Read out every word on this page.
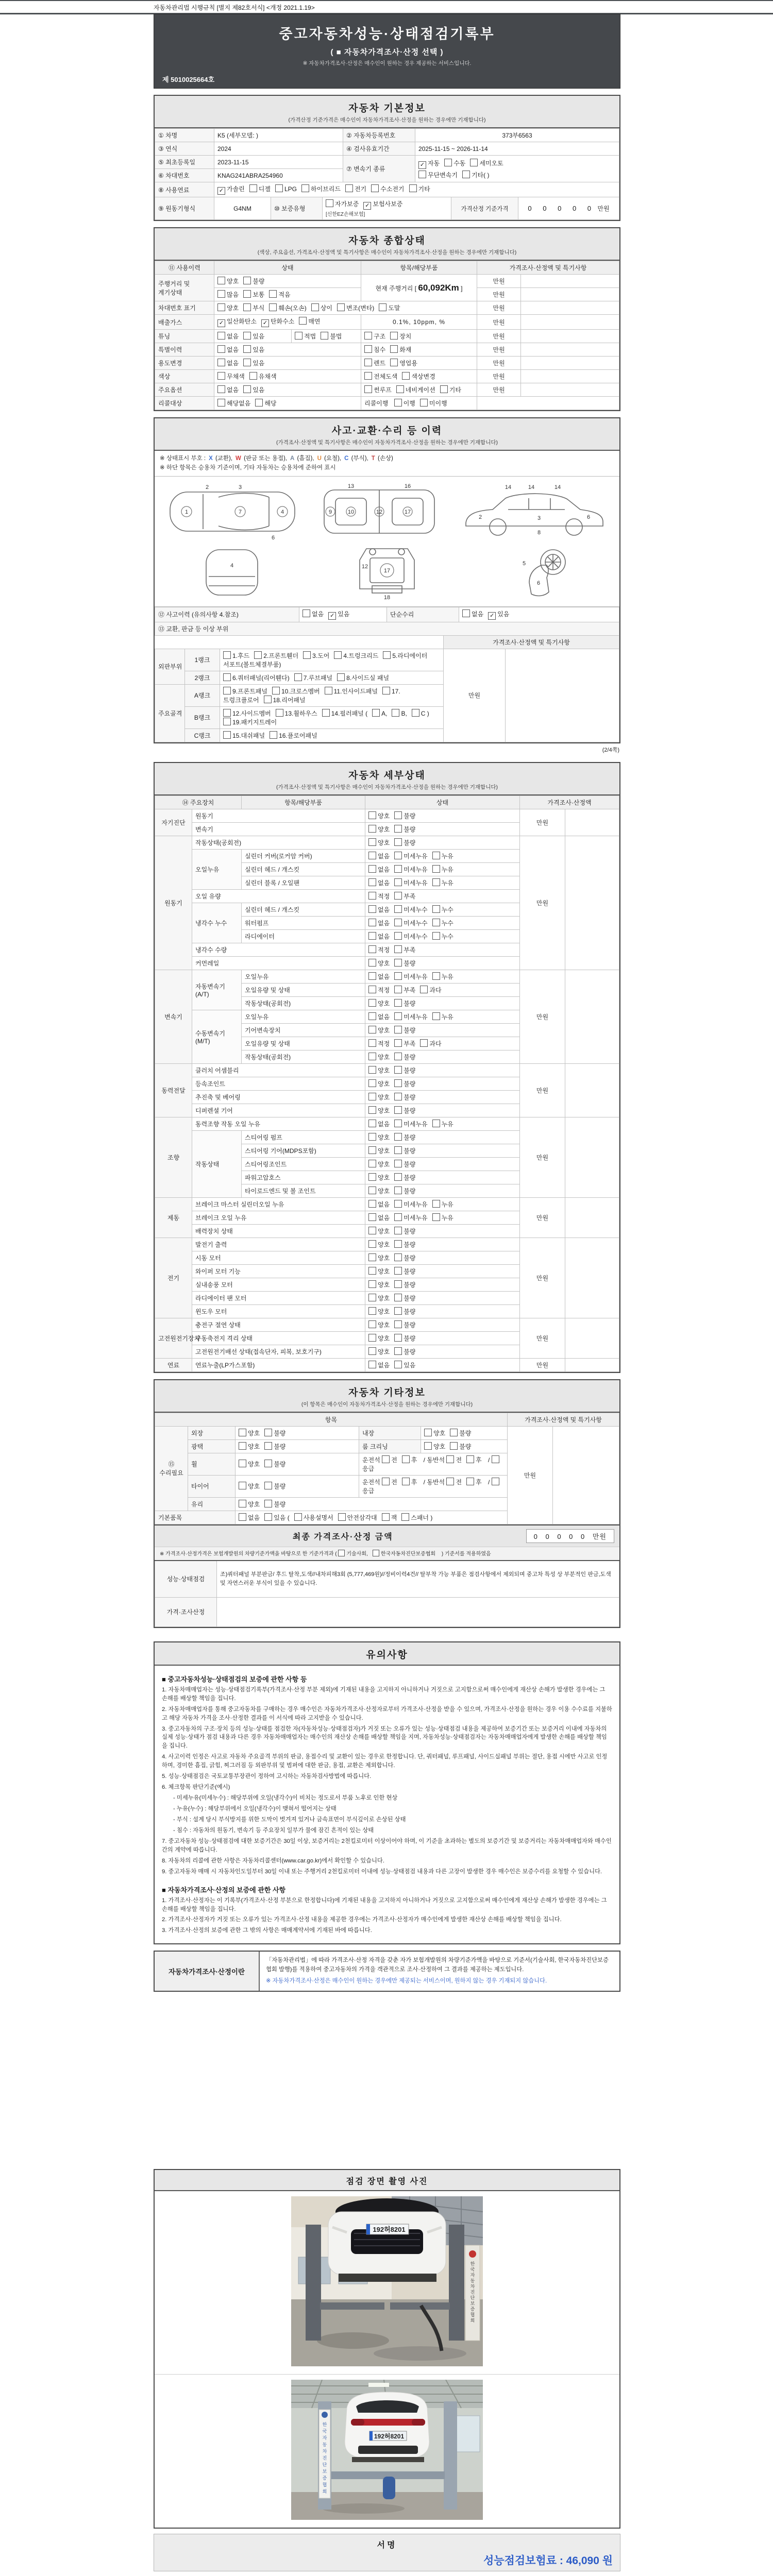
자동차관리법 시행규칙 [별지 제82호서식] <개정 2021.1.19>
중고자동차성능·상태점검기록부
( ■ 자동차가격조사·산정 선택 )
※ 자동차가격조사·산정은 매수인이 원하는 경우 제공하는 서비스입니다.
제 5010025664호
자동차 기본정보
(가격산정 기준가격은 매수인이 자동차가격조사·산정을 원하는 경우에만 기재합니다)
① 차명	K5 (세부모델: )	② 자동차등록번호	373부6563
③ 연식	2024	④ 검사유효기간	2025-11-15 ~ 2026-11-14
⑤ 최초등록일	2023-11-15	⑦ 변속기 종류	✓ 자동 수동 세미오토
무단변속기 기타( )

⑥ 차대번호	KNAG241ABRA254960		
⑧ 사용연료	✓ 가솔린 디젤 LPG 하이브리드 전기 수소전기 기타
⑨ 원동기형식	G4NM	⑩ 보증유형	자가보증 ✓ 보험사보증 [신한EZ손해보험]	가격산정 기준가격	0 0 0 0 0 만원
자동차 종합상태
(색상, 주요옵션, 가격조사·산정액 및 특기사항은 매수인이 자동차가격조사·산정을 원하는 경우에만 기재합니다)
⑪ 사용이력	상태		항목/해당부품	가격조사·산정액 및 특기사항	
주행거리 및 계기상태	양호 불량		현재 주행거리 [ 60,092Km ]	만원	
	많음 보통 적음			만원	
차대번호 표기	양호 부식 훼손(오손) 상이 변조(변타) 도말			만원	
배출가스	✓ 일산화탄소 ✓ 탄화수소 매연		0.1%, 10ppm, %	만원	
튜닝	없음 있음	적법 불법	구조 장치	만원	
특별이력	없음 있음		침수 화재	만원	
용도변경	없음 있음		렌트 영업용	만원	
색상	무채색 유채색		전체도색 색상변경	만원	
주요옵션	없음 있음		썬루프 네비게이션 기타	만원	
리콜대상	해당없음 해당		리콜이행 이행 미이행		
사고·교환·수리 등 이력
(가격조사·산정액 및 특기사항은 매수인이 자동차가격조사·산정을 원하는 경우에만 기재합니다)
※ 상태표시 부호 : X (교환), W (판금 또는 용접), A (흠집), U (요철), C (부식), T (손상)
※ 하단 항목은 승용차 기준이며, 기타 자동차는 승용차에 준하여 표시
1	7	4
2	3
6
9	10	12
13	16
17
14	14	14
2	3	6
8
4
17
12
18
5
6
⑫ 사고이력 (유의사항 4.참조)	없음 ✓ 있음	단순수리	없음 ✓ 있음
⑬ 교환, 판금 등 이상 부위
			가격조사·산정액 및 특기사항	
외판부위	1랭크	1.후드 2.프론트휀더 3.도어 4.트렁크리드 5.라디에이터 서포트(볼트체결부품)	만원	
	2랭크	6.쿼터패널(리어휀다) 7.루브패널 8.사이드실 패널		
주요골격	A랭크	9.프론트패널 10.크로스멤버 11.인사이드패널 17.트렁크플로어 18.리어패널		
	B랭크	12.사이드멤버 13.휠하우스 14.필러패널 ( A, B, C )19.패키지트레이		
	C랭크	15.대쉬패널 16.플로어패널		
(2/4쪽)
자동차 세부상태
(가격조사·산정액 및 특기사항은 매수인이 자동차가격조사·산정을 원하는 경우에만 기재합니다)
⑭ 주요장치		항목/해당부품	상태	가격조사·산정액	
자기진단	원동기		양호 불량	만원	
	변속기		양호 불량		
원동기	작동상태(공회전)		양호 불량	만원	
	오일누유	실린더 커버(로커암 커버)	없음 미세누유 누유		
		실린더 헤드 / 개스킷	없음 미세누유 누유		
		실린더 블록 / 오일팬	없음 미세누유 누유		
	오일 유량		적정 부족		
	냉각수 누수	실린더 헤드 / 개스킷	없음 미세누수 누수		
		워터펌프	없음 미세누수 누수		
		라디에이터	없음 미세누수 누수		
	냉각수 수량		적정 부족		
	커먼레일		양호 불량		
변속기	자동변속기 (A/T)	오일누유	없음 미세누유 누유	만원	
		오일유량 및 상태	적정 부족 과다		
		작동상태(공회전)	양호 불량		
	수동변속기 (M/T)	오일누유	없음 미세누유 누유		
		기어변속장치	양호 불량		
		오일유량 및 상태	적정 부족 과다		
		작동상태(공회전)	양호 불량		
동력전달	클러치 어셈블리		양호 불량	만원	
	등속조인트		양호 불량		
	추진축 및 베어링		양호 불량		
	디퍼렌셜 기어		양호 불량		
조향	동력조향 작동 오일 누유		없음 미세누유 누유	만원	
	작동상태	스티어링 펌프	양호 불량		
		스티어링 기어(MDPS포함)	양호 불량		
		스티어링조인트	양호 불량		
		파워고압호스	양호 불량		
		타이로드엔드 및 볼 조인트	양호 불량		
제동	브레이크 마스터 실린더오일 누유		없음 미세누유 누유	만원	
	브레이크 오일 누유		없음 미세누유 누유		
	배력장치 상태		양호 불량		
전기	발전기 출력		양호 불량	만원	
	시동 모터		양호 불량		
	와이퍼 모터 기능		양호 불량		
	실내송풍 모터		양호 불량		
	라디에이터 팬 모터		양호 불량		
	윈도우 모터		양호 불량		
고전원전기장치	충전구 절연 상태		양호 불량	만원	
	구동축전지 격리 상태		양호 불량		
	고전원전기배선 상태(접속단자, 피복, 보호기구)		양호 불량		
연료	연료누출(LP가스포함)		없음 있음	만원	
자동차 기타정보
(이 항목은 매수인이 자동차가격조사·산정을 원하는 경우에만 기재합니다)
항목					가격조사·산정액 및 특기사항	
⑮ 수리필요	외장	양호 불량	내장	양호 불량	만원	
	광택	양호 불량	룸 크리닝	양호 불량		
	휠	양호 불량	운전석 전 후 / 동반석 전 후 / 응급			
	타이어	양호 불량	운전석 전 후 / 동반석 전 후 / 응급			
	유리	양호 불량				
기본품목		없음 있음 ( 사용설명서 안전삼각대 잭 스패너 )				
최종 가격조사·산정 금액	0 0 0 0 0 만원
※ 가격조사·산정가격은 보험개발원의 차량기준가액을 바탕으로 한 기준가격과 ( 기술사회,	한국자동차진단보증협회 ) 기준서를 적용하였음
성능·상태점검	조)쿼터패널 부분판금/ 후드 탈착,도색//내차피해3회 (5,777,469원)//정비이력4건// 탈부착 가능 부품은 점검사항에서 제외되며 중고차 특성 상 부분적인 판금,도색 및 자연스러운 부식이 있을 수 있습니다.
가격·조사산정	
유의사항
■ 중고자동차성능·상태점검의 보증에 관한 사항 등

1. 자동차매매업자는 성능·상태점검기록부(가격조사·산정 부분 제외)에 기재된 내용을 고지하지 아니하거나 거짓으로 고지함으로써 매수인에게 재산상 손해가 발생한 경우에는 그 손해를 배상할 책임을 집니다.

2. 자동차매매업자를 통해 중고자동차를 구매하는 경우 매수인은 자동차가격조사·산정자로부터 가격조사·산정을 받을 수 있으며, 가격조사·산정을 원하는 경우 이용 수수료를 지불하고 해당 자동차 가격을 조사·산정한 결과를 이 서식에 따라 고지받을 수 있습니다.

3. 중고자동차의 구조·장치 등의 성능·상태를 점검한 자(자동차성능·상태점검자)가 거짓 또는 오류가 있는 성능·상태점검 내용을 제공하여 보증기간 또는 보증거리 이내에 자동차의 실제 성능·상태가 점검 내용과 다른 경우 자동차매매업자는 매수인의 재산상 손해를 배상할 책임을 지며, 자동차성능·상태점검자는 자동차매매업자에게 발생한 손해를 배상할 책임을 집니다.

4. 사고이력 인정은 사고로 자동차 주요골격 부위의 판금, 용접수리 및 교환이 있는 경우로 한정합니다. 단, 쿼터패널, 루프패널, 사이드실패널 부위는 절단, 용접 시에만 사고로 인정하며, 경미한 흠집, 긁힘, 찌그러짐 등 외판부위 및 범퍼에 대한 판금, 용접, 교환은 제외합니다.

5. 성능·상태점검은 국토교통부장관이 정하여 고시하는 자동차검사방법에 따릅니다.

6. 체크항목 판단기준(예시)

- 미세누유(미세누수) : 해당부위에 오일(냉각수)이 비치는 정도로서 부품 노후로 인한 현상

- 누유(누수) : 해당부위에서 오일(냉각수)이 맺혀서 떨어지는 상태

- 부식 : 설계 당시 부식방지를 위한 도막이 벗겨져 있거나 금속표면이 부식깊이로 손상된 상태

- 침수 : 자동차의 원동기, 변속기 등 주요장치 일부가 물에 잠긴 흔적이 있는 상태

7. 중고자동차 성능·상태점검에 대한 보증기간은 30일 이상, 보증거리는 2천킬로미터 이상이어야 하며, 이 기준을 초과하는 별도의 보증기간 및 보증거리는 자동차매매업자와 매수인 간의 계약에 따릅니다.

8. 자동차의 리콜에 관한 사항은 자동차리콜센터(www.car.go.kr)에서 확인할 수 있습니다.

9. 중고자동차 매매 시 자동차인도일부터 30일 이내 또는 주행거리 2천킬로미터 이내에 성능·상태점검 내용과 다른 고장이 발생한 경우 매수인은 보증수리를 요청할 수 있습니다.

■ 자동차가격조사·산정의 보증에 관한 사항

1. 가격조사·산정자는 이 기록부(가격조사·산정 부분으로 한정합니다)에 기재된 내용을 고지하지 아니하거나 거짓으로 고지함으로써 매수인에게 재산상 손해가 발생한 경우에는 그 손해를 배상할 책임을 집니다.

2. 가격조사·산정자가 거짓 또는 오류가 있는 가격조사·산정 내용을 제공한 경우에는 가격조사·산정자가 매수인에게 발생한 재산상 손해를 배상할 책임을 집니다.

3. 가격조사·산정의 보증에 관한 그 밖의 사항은 매매계약서에 기재된 바에 따릅니다.

자동차가격조사·산정이란
「자동차관리법」에 따라 가격조사·산정 자격을 갖춘 자가 보험개발원의 차량기준가액을 바탕으로 기준서(기술사회, 한국자동차진단보증협회 발행)를 적용하여 중고자동차의 가격을 객관적으로 조사·산정하여 그 결과를 제공하는 제도입니다.
※ 자동차가격조사·산정은 매수인이 원하는 경우에만 제공되는 서비스이며, 원하지 않는 경우 기재되지 않습니다.
점검 장면 촬영 사진
192허8201
한 국 자 동 차 진 단 보 증 협 회
한 국 자 동 차 진 단 보 증 협 회
192허8201
서명
성능점검보험료 : 46,090 원
